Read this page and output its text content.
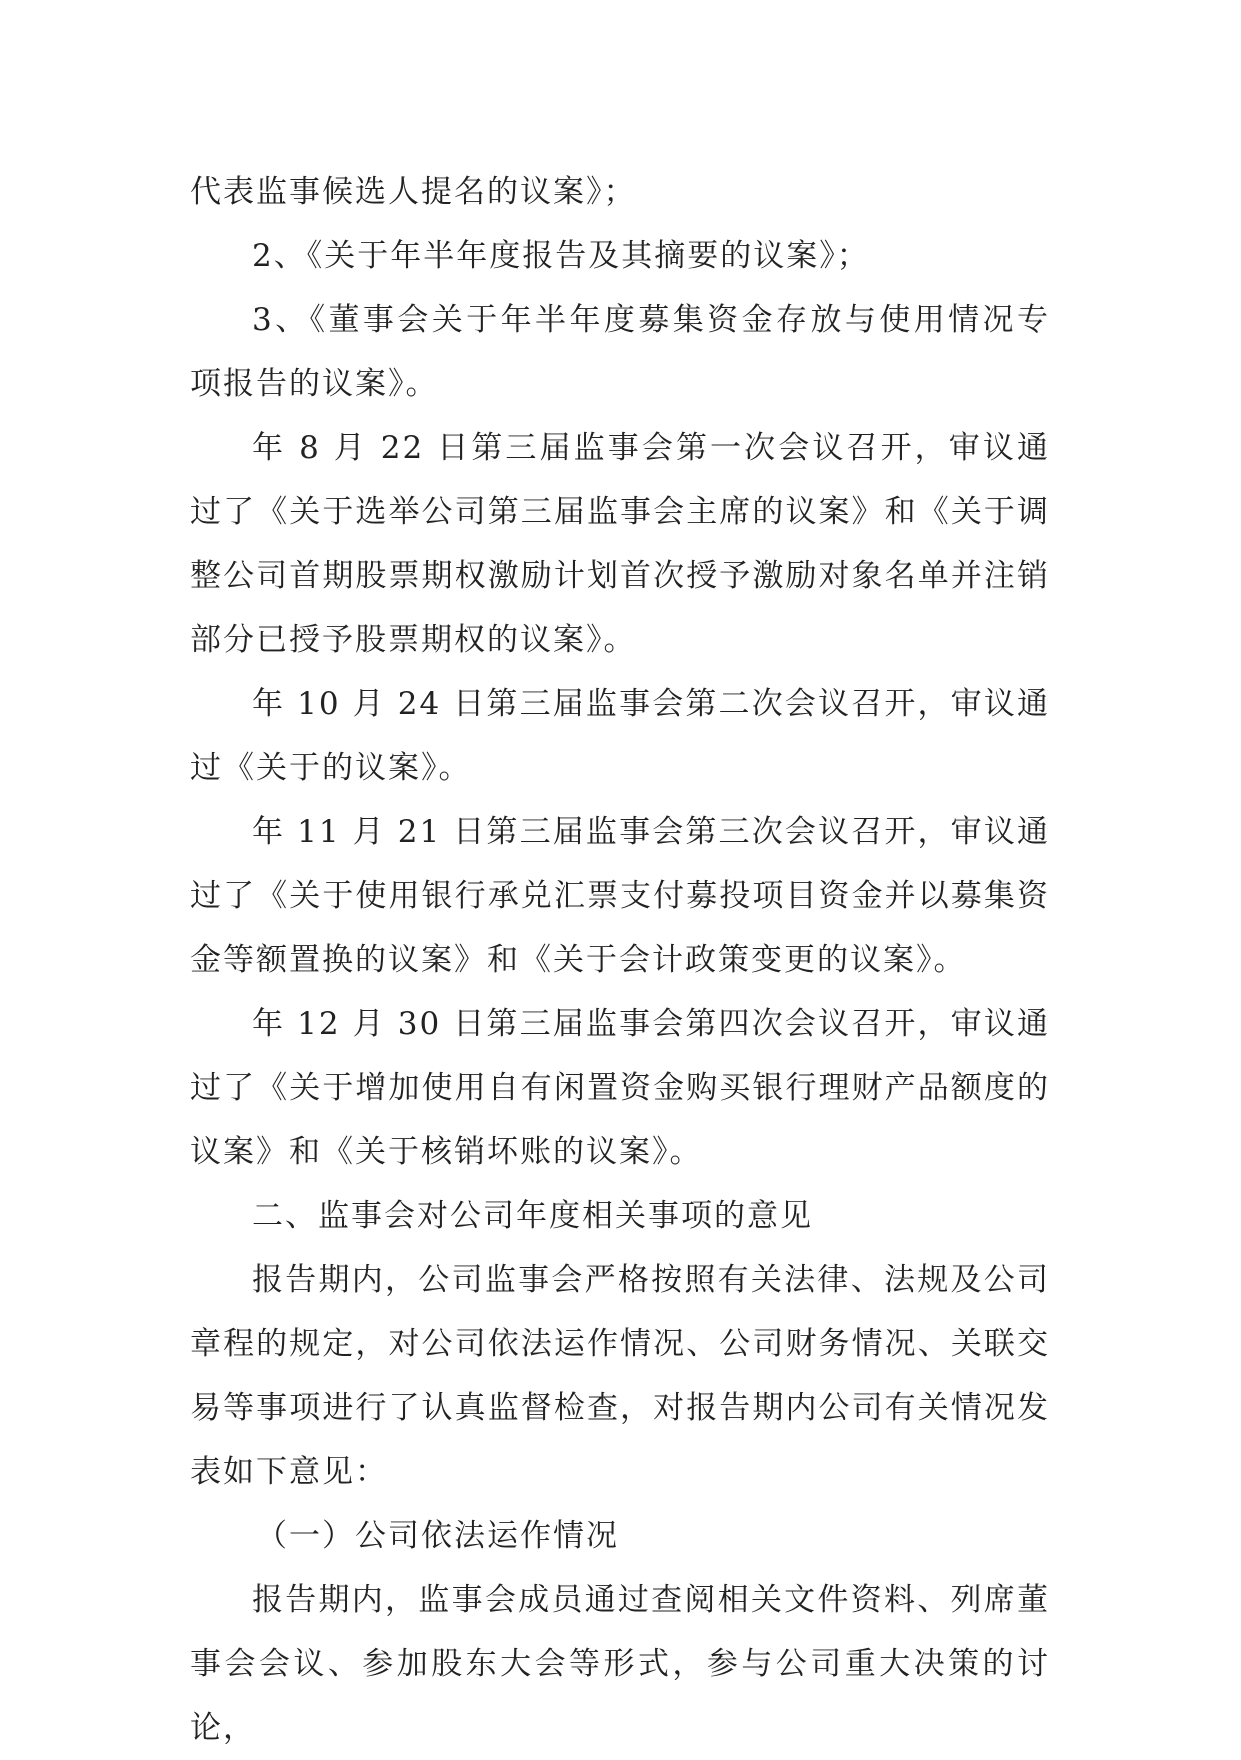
代表监事候选人提名的议案》；

2、《关于年半年度报告及其摘要的议案》；

3、《董事会关于年半年度募集资金存放与使用情况专项报告的议案》。

年 8 月 22 日第三届监事会第一次会议召开，审议通过了《关于选举公司第三届监事会主席的议案》和《关于调整公司首期股票期权激励计划首次授予激励对象名单并注销部分已授予股票期权的议案》。

年 10 月 24 日第三届监事会第二次会议召开，审议通过《关于的议案》。

年 11 月 21 日第三届监事会第三次会议召开，审议通过了《关于使用银行承兑汇票支付募投项目资金并以募集资金等额置换的议案》和《关于会计政策变更的议案》。

年 12 月 30 日第三届监事会第四次会议召开，审议通过了《关于增加使用自有闲置资金购买银行理财产品额度的议案》和《关于核销坏账的议案》。

二、监事会对公司年度相关事项的意见

报告期内，公司监事会严格按照有关法律、法规及公司章程的规定，对公司依法运作情况、公司财务情况、关联交易等事项进行了认真监督检查，对报告期内公司有关情况发表如下意见：

（一）公司依法运作情况

报告期内，监事会成员通过查阅相关文件资料、列席董事会会议、参加股东大会等形式，参与公司重大决策的讨论，
